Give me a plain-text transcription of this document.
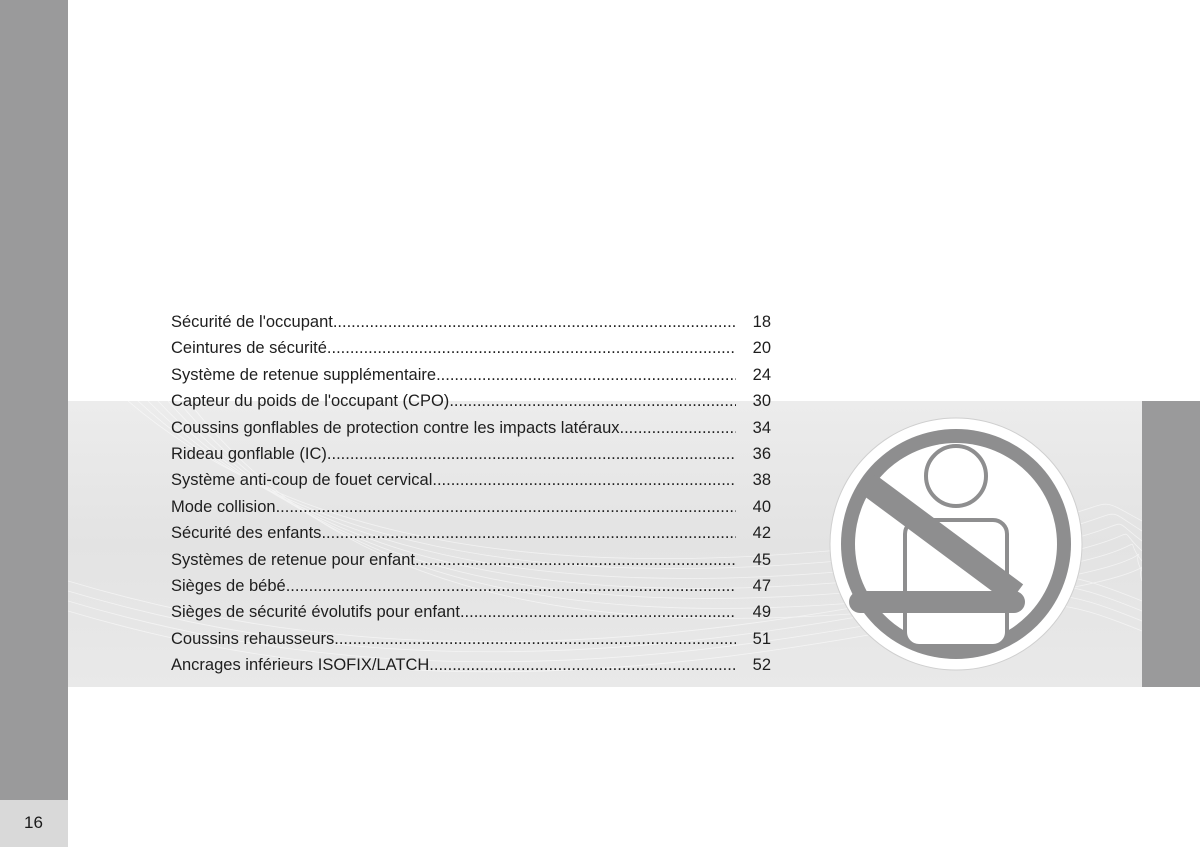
16
Sécurité de l'occupant .....	18
Ceintures de sécurité .....	20
Système de retenue supplémentaire .....	24
Capteur du poids de l'occupant (CPO) .....	30
Coussins gonflables de protection contre les impacts latéraux .....	34
Rideau gonflable (IC) .....	36
Système anti-coup de fouet cervical .....	38
Mode collision .....	40
Sécurité des enfants .....	42
Systèmes de retenue pour enfant .....	45
Sièges de bébé .....	47
Sièges de sécurité évolutifs pour enfant .....	49
Coussins rehausseurs .....	51
Ancrages inférieurs ISOFIX/LATCH .....	52
